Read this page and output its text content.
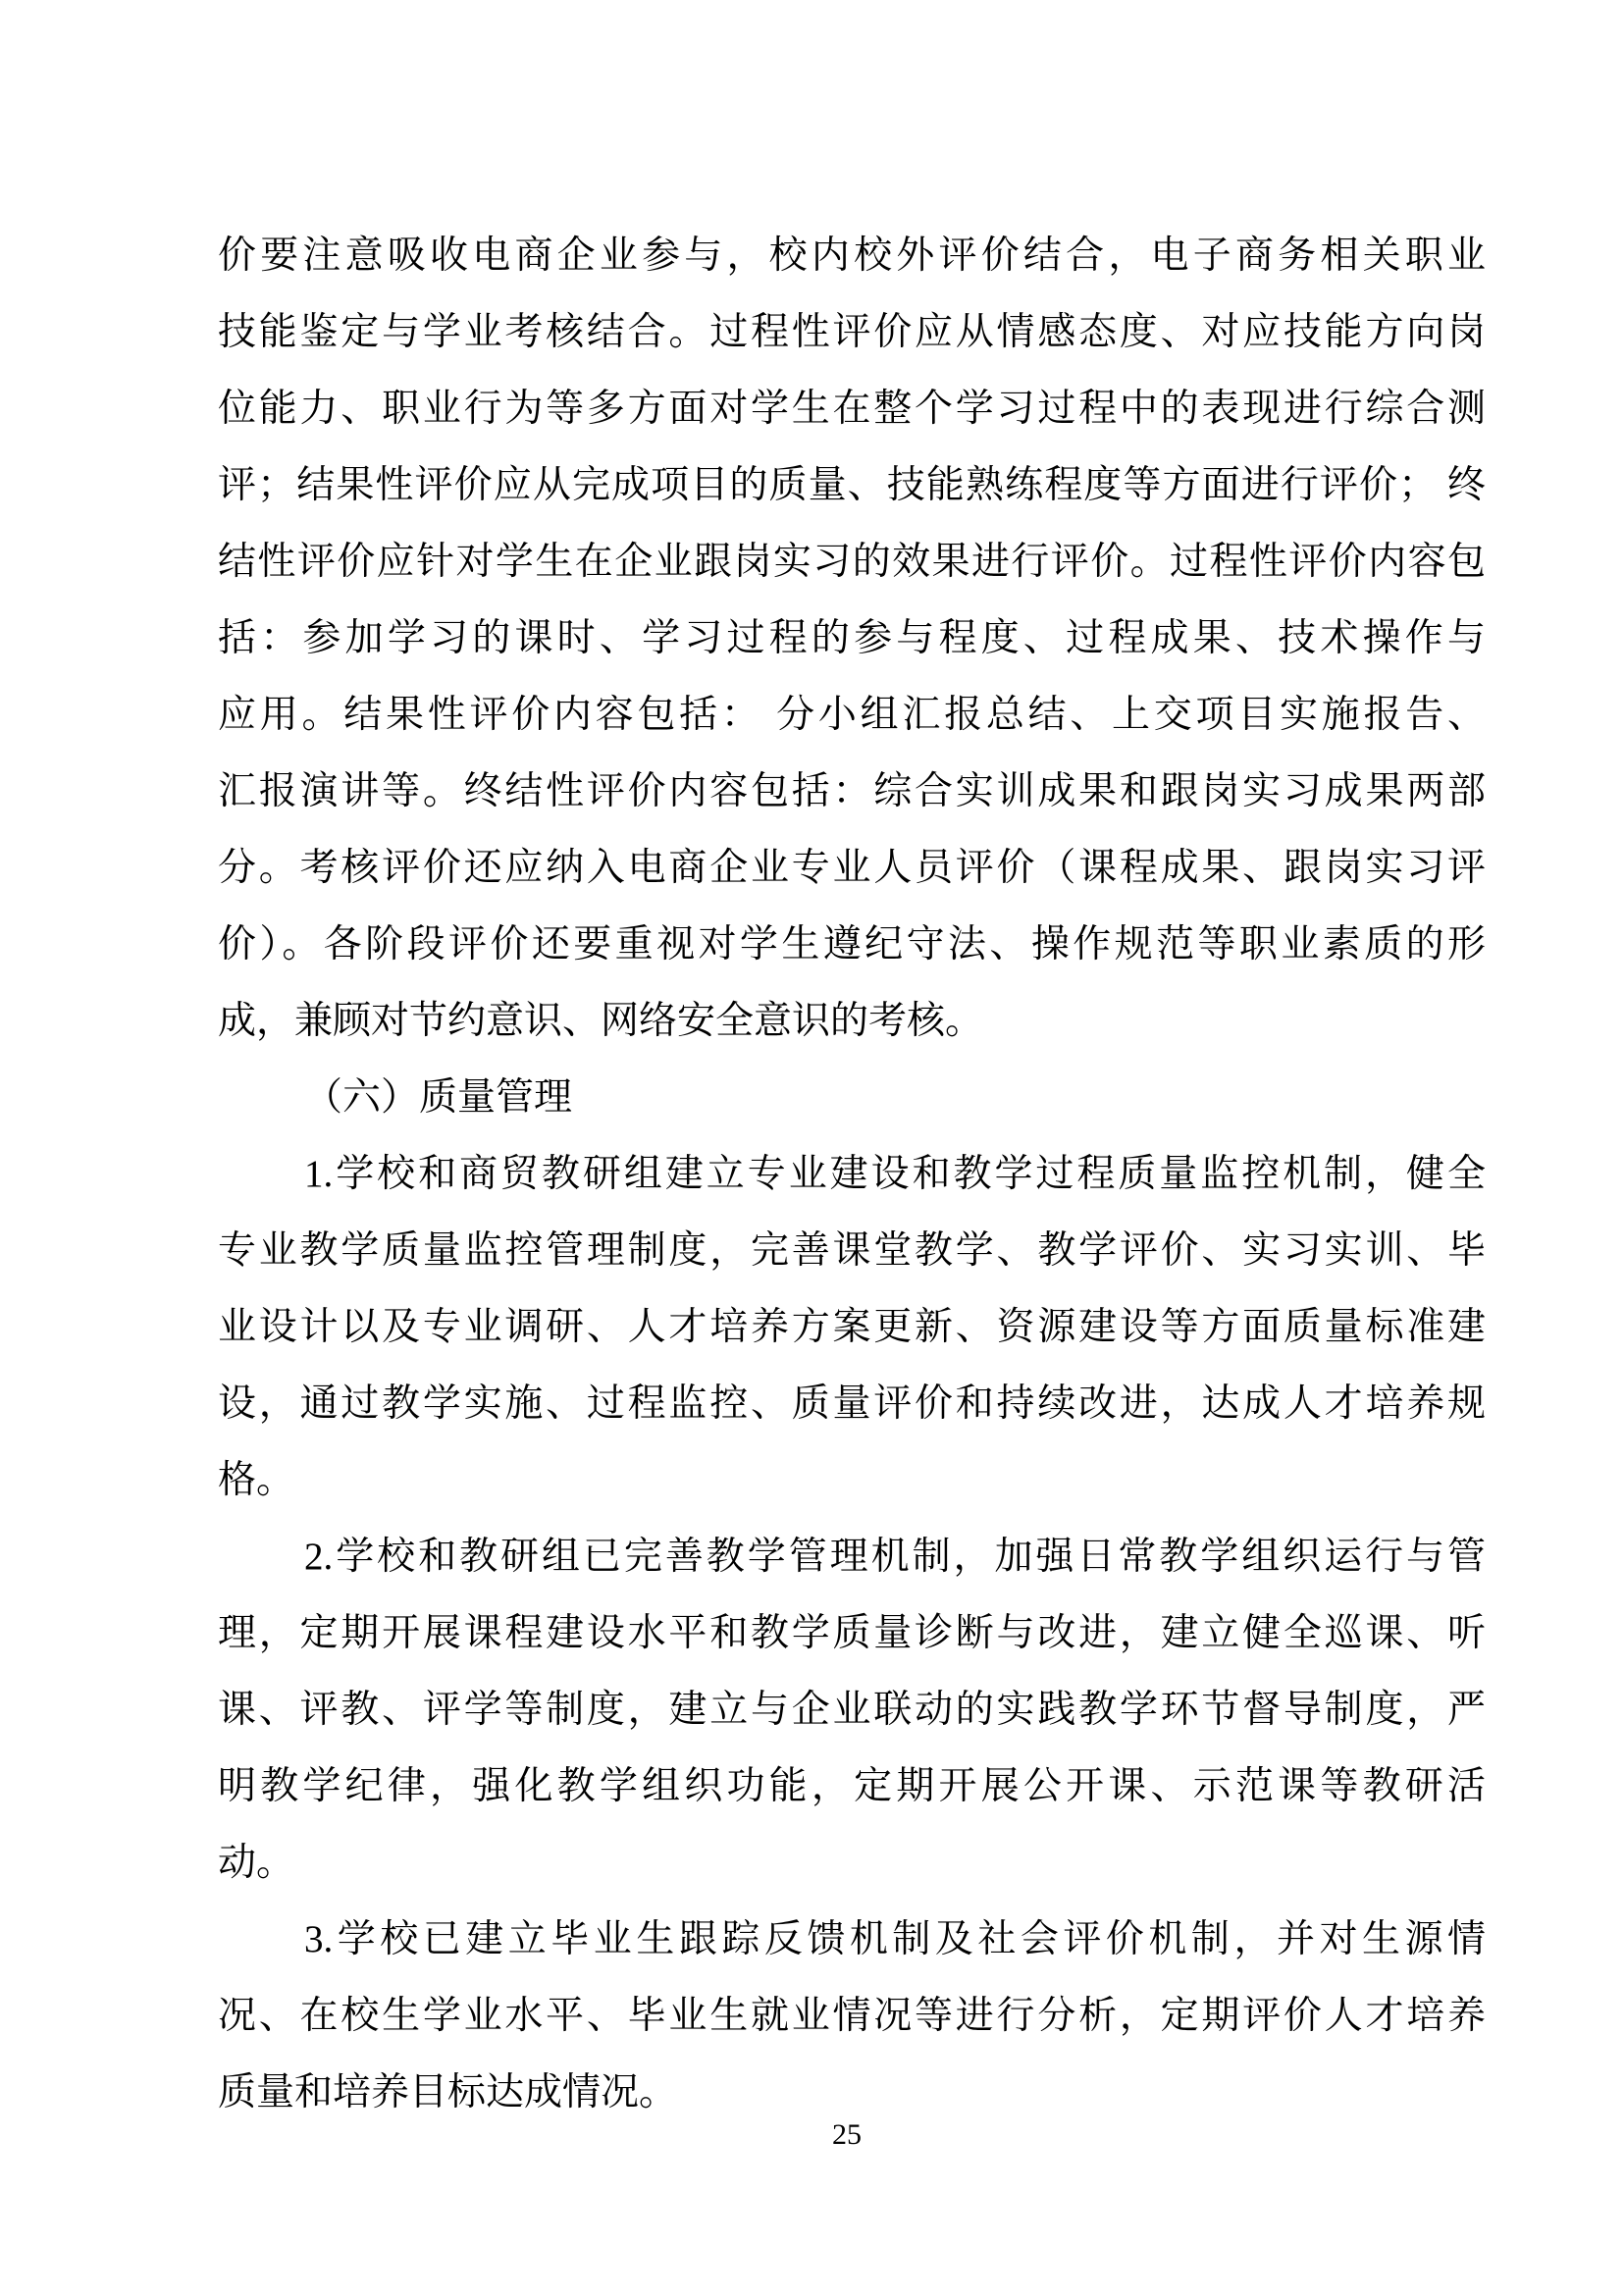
价要注意吸收电商企业参与，校内校外评价结合，电子商务相关职业

技能鉴定与学业考核结合。过程性评价应从情感态度、对应技能方向岗

位能力、职业行为等多方面对学生在整个学习过程中的表现进行综合测

评；结果性评价应从完成项目的质量、技能熟练程度等方面进行评价； 终

结性评价应针对学生在企业跟岗实习的效果进行评价。过程性评价内容包

括：参加学习的课时、学习过程的参与程度、过程成果、技术操作与

应用。结果性评价内容包括： 分小组汇报总结、上交项目实施报告、

汇报演讲等。终结性评价内容包括：综合实训成果和跟岗实习成果两部

分。考核评价还应纳入电商企业专业人员评价（课程成果、跟岗实习评

价）。各阶段评价还要重视对学生遵纪守法、操作规范等职业素质的形

成，兼顾对节约意识、网络安全意识的考核。

（六）质量管理

1.学校和商贸教研组建立专业建设和教学过程质量监控机制，健全

专业教学质量监控管理制度，完善课堂教学、教学评价、实习实训、毕

业设计以及专业调研、人才培养方案更新、资源建设等方面质量标准建

设，通过教学实施、过程监控、质量评价和持续改进，达成人才培养规

格。

2.学校和教研组已完善教学管理机制，加强日常教学组织运行与管

理，定期开展课程建设水平和教学质量诊断与改进，建立健全巡课、听

课、评教、评学等制度，建立与企业联动的实践教学环节督导制度，严

明教学纪律，强化教学组织功能，定期开展公开课、示范课等教研活

动。

3.学校已建立毕业生跟踪反馈机制及社会评价机制，并对生源情

况、在校生学业水平、毕业生就业情况等进行分析，定期评价人才培养

质量和培养目标达成情况。

25
